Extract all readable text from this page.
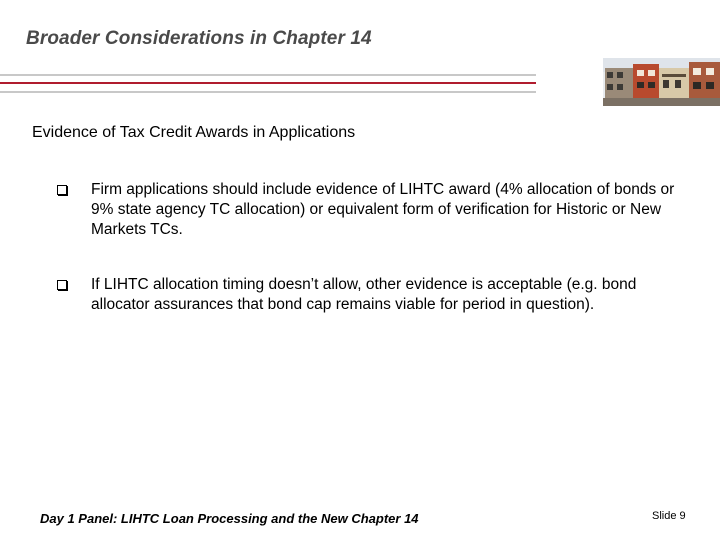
Broader Considerations in Chapter 14
Evidence of Tax Credit Awards in Applications
Firm applications should include evidence of LIHTC award (4% allocation of bonds or 9% state agency TC allocation) or equivalent form of verification for Historic or New Markets TCs.
If LIHTC allocation timing doesn’t allow, other evidence is acceptable (e.g. bond allocator assurances that bond cap remains viable for period in question).
Day 1 Panel: LIHTC Loan Processing and the New Chapter 14	Slide 9
